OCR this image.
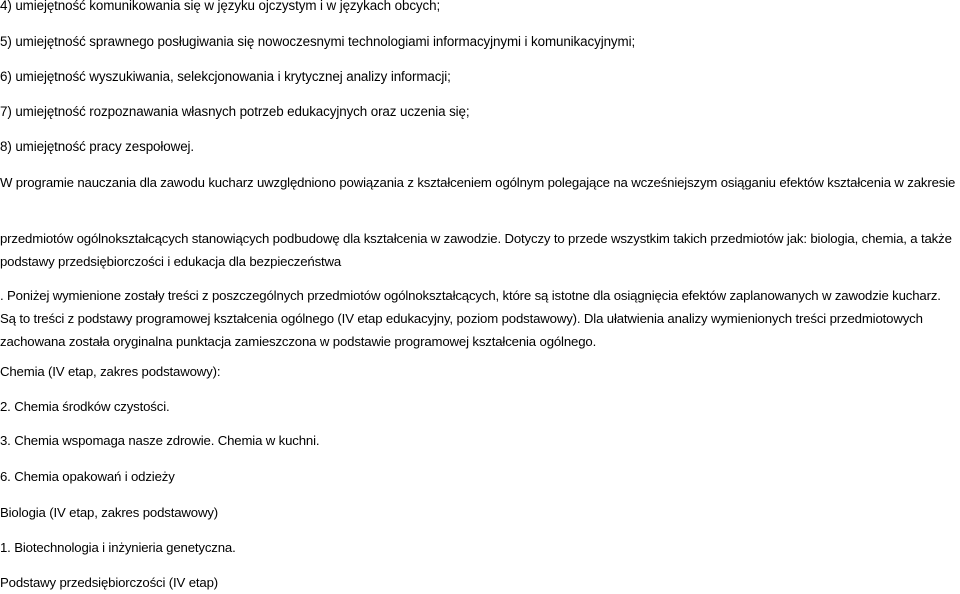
4) umiejętność komunikowania się w języku ojczystym i w językach obcych;

5) umiejętność sprawnego posługiwania się nowoczesnymi technologiami informacyjnymi i komunikacyjnymi;

6) umiejętność wyszukiwania, selekcjonowania i krytycznej analizy informacji;

7) umiejętność rozpoznawania własnych potrzeb edukacyjnych oraz uczenia się;

8) umiejętność pracy zespołowej.

W programie nauczania dla zawodu kucharz uwzględniono powiązania z kształceniem ogólnym polegające na wcześniejszym osiąganiu efektów kształcenia w zakresie

przedmiotów ogólnokształcących stanowiących podbudowę dla kształcenia w zawodzie. Dotyczy to przede wszystkim takich przedmiotów jak: biologia, chemia, a także podstawy przedsiębiorczości i edukacja dla bezpieczeństwa

. Poniżej wymienione zostały treści z poszczególnych przedmiotów ogólnokształcących, które są istotne dla osiągnięcia efektów zaplanowanych w zawodzie kucharz. Są to treści z podstawy programowej kształcenia ogólnego (IV etap edukacyjny, poziom podstawowy). Dla ułatwienia analizy wymienionych treści przedmiotowych zachowana została oryginalna punktacja zamieszczona w podstawie programowej kształcenia ogólnego.

Chemia (IV etap, zakres podstawowy):

2. Chemia środków czystości.

3. Chemia wspomaga nasze zdrowie. Chemia w kuchni.

6. Chemia opakowań i odzieży

Biologia (IV etap, zakres podstawowy)

1. Biotechnologia i inżynieria genetyczna.

Podstawy przedsiębiorczości (IV etap)
